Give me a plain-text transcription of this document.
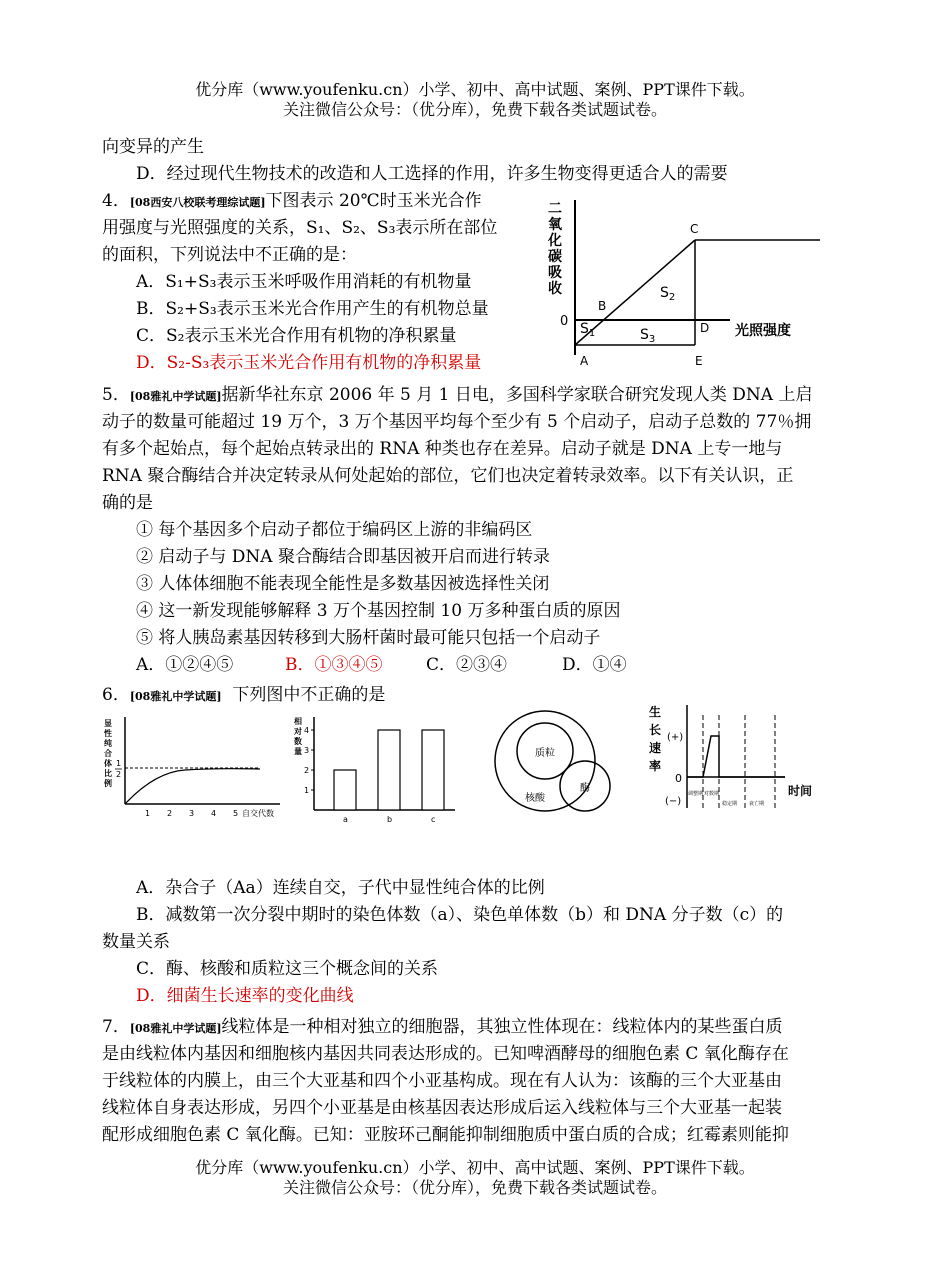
优分库（www.youfenku.cn）小学、初中、高中试题、案例、PPT课件下载。
关注微信公众号：（优分库），免费下载各类试题试卷。
向变异的产生
D．经过现代生物技术的改造和人工选择的作用，许多生物变得更适合人的需要
4．[08西安八校联考理综试题]下图表示 20℃时玉米光合作
用强度与光照强度的关系，S₁、S₂、S₃表示所在部位
的面积，下列说法中不正确的是：
A．S₁+S₃表示玉米呼吸作用消耗的有机物量
B．S₂+S₃表示玉米光合作用产生的有机物总量
C．S₂表示玉米光合作用有机物的净积累量
D．S₂-S₃表示玉米光合作用有机物的净积累量
二
氧
化
碳
吸
收
0
A
B
C
D
E
$S_1$
$S_2$
$S_3$
光照强度
5．[08雅礼中学试题]据新华社东京 2006 年 5 月 1 日电，多国科学家联合研究发现人类 DNA 上启
动子的数量可能超过 19 万个，3 万个基因平均每个至少有 5 个启动子，启动子总数的 77％拥
有多个起始点，每个起始点转录出的 RNA 种类也存在差异。启动子就是 DNA 上专一地与
RNA 聚合酶结合并决定转录从何处起始的部位，它们也决定着转录效率。以下有关认识，正
确的是
① 每个基因多个启动子都位于编码区上游的非编码区
② 启动子与 DNA 聚合酶结合即基因被开启而进行转录
③ 人体体细胞不能表现全能性是多数基因被选择性关闭
④ 这一新发现能够解释 3 万个基因控制 10 万多种蛋白质的原因
⑤ 将人胰岛素基因转移到大肠杆菌时最可能只包括一个启动子
A．①②④⑤	B．①③④⑤	C．②③④	D．①④
6．[08雅礼中学试题] 下列图中不正确的是
显
性
纯
合
体
比
例
1
2
1 2 3 4 5 自交代数
相
对
数
量
1
2
3
4
a	b	c
质粒
核酸
酶
生
长
速
率
(+)
0
(−)
调整期 对数期
稳定期 衰亡期
时间
A．杂合子（Aa）连续自交，子代中显性纯合体的比例
B．减数第一次分裂中期时的染色体数（a）、染色单体数（b）和 DNA 分子数（c）的
数量关系
C．酶、核酸和质粒这三个概念间的关系
D．细菌生长速率的变化曲线
7．[08雅礼中学试题]线粒体是一种相对独立的细胞器，其独立性体现在：线粒体内的某些蛋白质
是由线粒体内基因和细胞核内基因共同表达形成的。已知啤酒酵母的细胞色素 C 氧化酶存在
于线粒体的内膜上，由三个大亚基和四个小亚基构成。现在有人认为：该酶的三个大亚基由
线粒体自身表达形成，另四个小亚基是由核基因表达形成后运入线粒体与三个大亚基一起装
配形成细胞色素 C 氧化酶。已知：亚胺环己酮能抑制细胞质中蛋白质的合成；红霉素则能抑
优分库（www.youfenku.cn）小学、初中、高中试题、案例、PPT课件下载。
关注微信公众号：（优分库），免费下载各类试题试卷。
